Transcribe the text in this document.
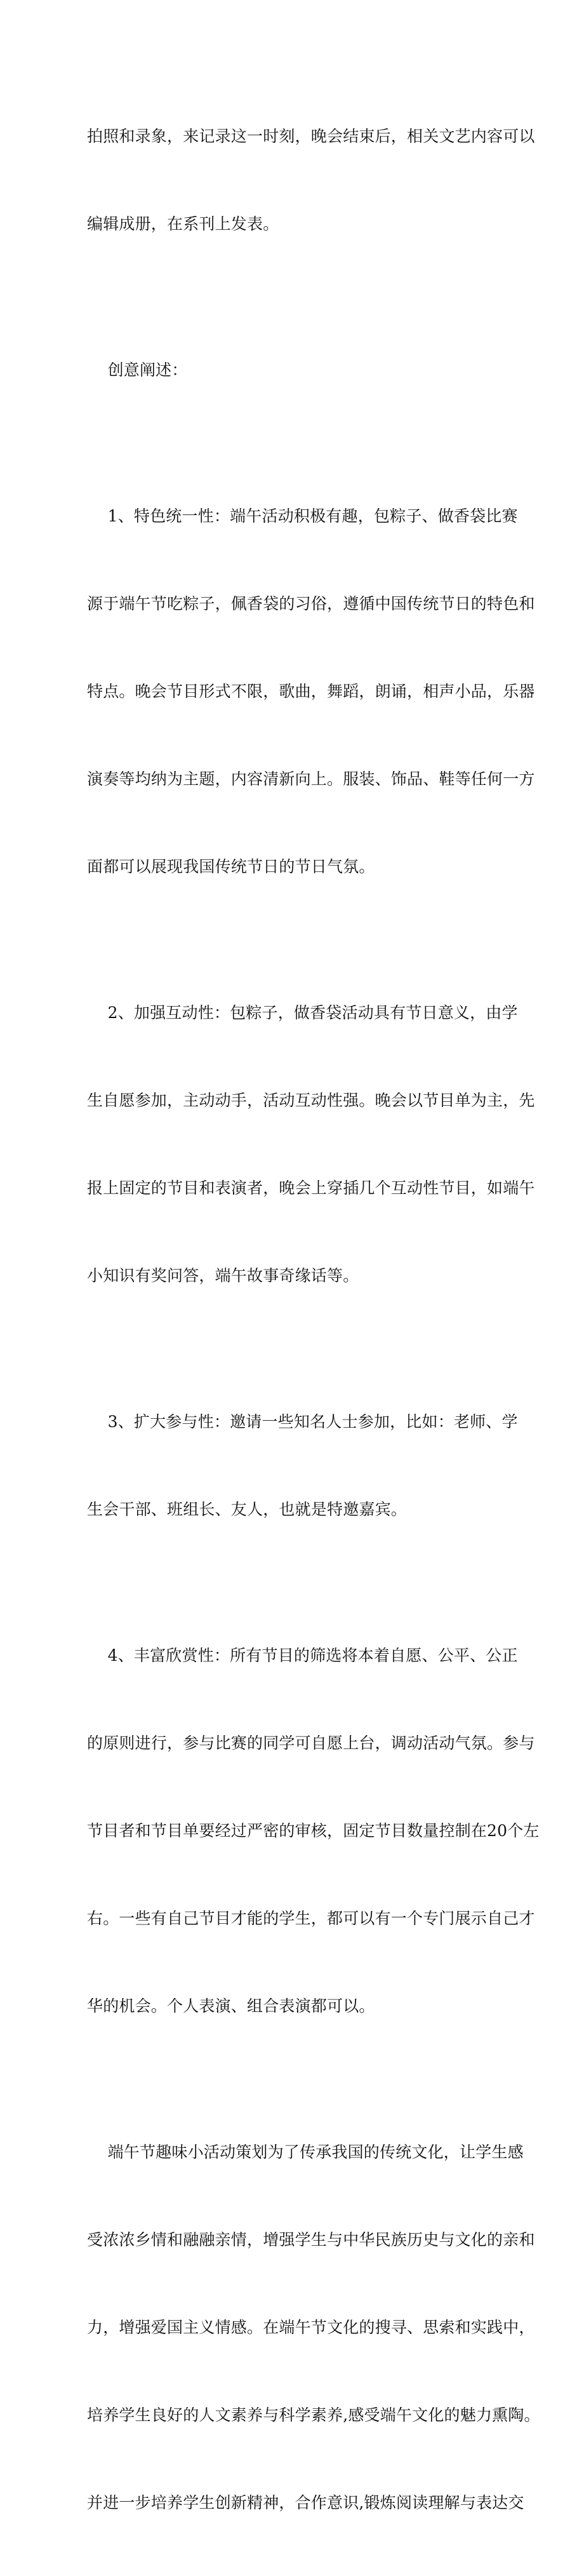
拍照和录象，来记录这一时刻，晚会结束后，相关文艺内容可以

编辑成册，在系刊上发表。

创意阐述：

1、特色统一性：端午活动积极有趣，包粽子、做香袋比赛

源于端午节吃粽子，佩香袋的习俗，遵循中国传统节日的特色和

特点。晚会节目形式不限，歌曲，舞蹈，朗诵，相声小品，乐器

演奏等均纳为主题，内容清新向上。服装、饰品、鞋等任何一方

面都可以展现我国传统节日的节日气氛。

2、加强互动性：包粽子，做香袋活动具有节日意义，由学

生自愿参加，主动动手，活动互动性强。晚会以节目单为主，先

报上固定的节目和表演者，晚会上穿插几个互动性节目，如端午

小知识有奖问答，端午故事奇缘话等。

3、扩大参与性：邀请一些知名人士参加，比如：老师、学

生会干部、班组长、友人，也就是特邀嘉宾。

4、丰富欣赏性：所有节目的筛选将本着自愿、公平、公正

的原则进行，参与比赛的同学可自愿上台，调动活动气氛。参与

节目者和节目单要经过严密的审核，固定节目数量控制在20个左

右。一些有自己节目才能的学生，都可以有一个专门展示自己才

华的机会。个人表演、组合表演都可以。

端午节趣味小活动策划为了传承我国的传统文化，让学生感

受浓浓乡情和融融亲情，增强学生与中华民族历史与文化的亲和

力，增强爱国主义情感。在端午节文化的搜寻、思索和实践中，

培养学生良好的人文素养与科学素养,感受端午文化的魅力熏陶。

并进一步培养学生创新精神，合作意识,锻炼阅读理解与表达交
